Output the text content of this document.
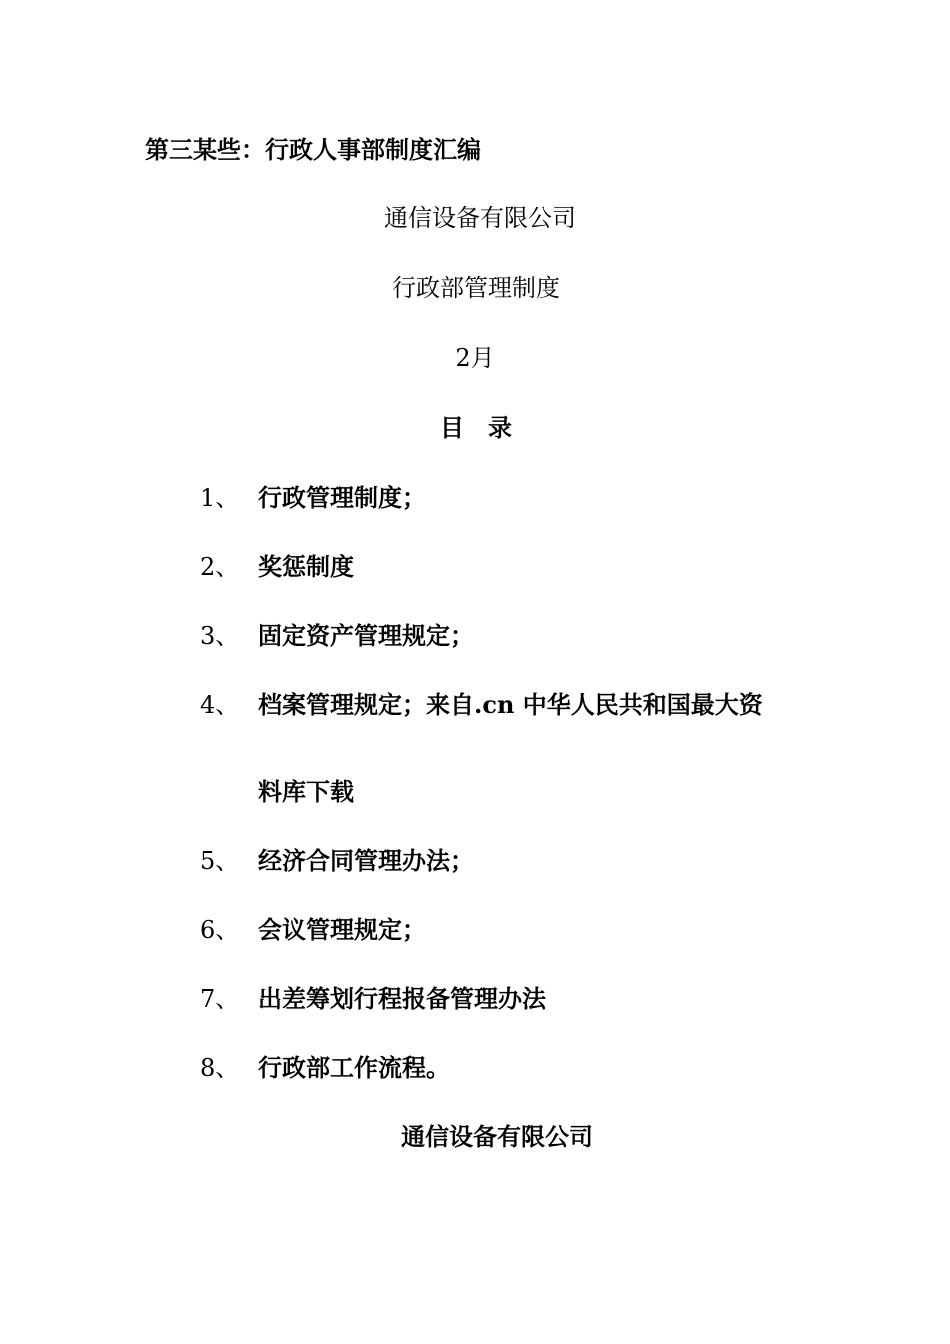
第三某些：行政人事部制度汇编
通信设备有限公司
行政部管理制度
2月
目　录
1、 行政管理制度；
2、 奖惩制度
3、 固定资产管理规定；
4、 档案管理规定；来自.cn 中华人民共和国最大资
料库下载
5、 经济合同管理办法；
6、 会议管理规定；
7、 出差筹划行程报备管理办法
8、 行政部工作流程。
通信设备有限公司
